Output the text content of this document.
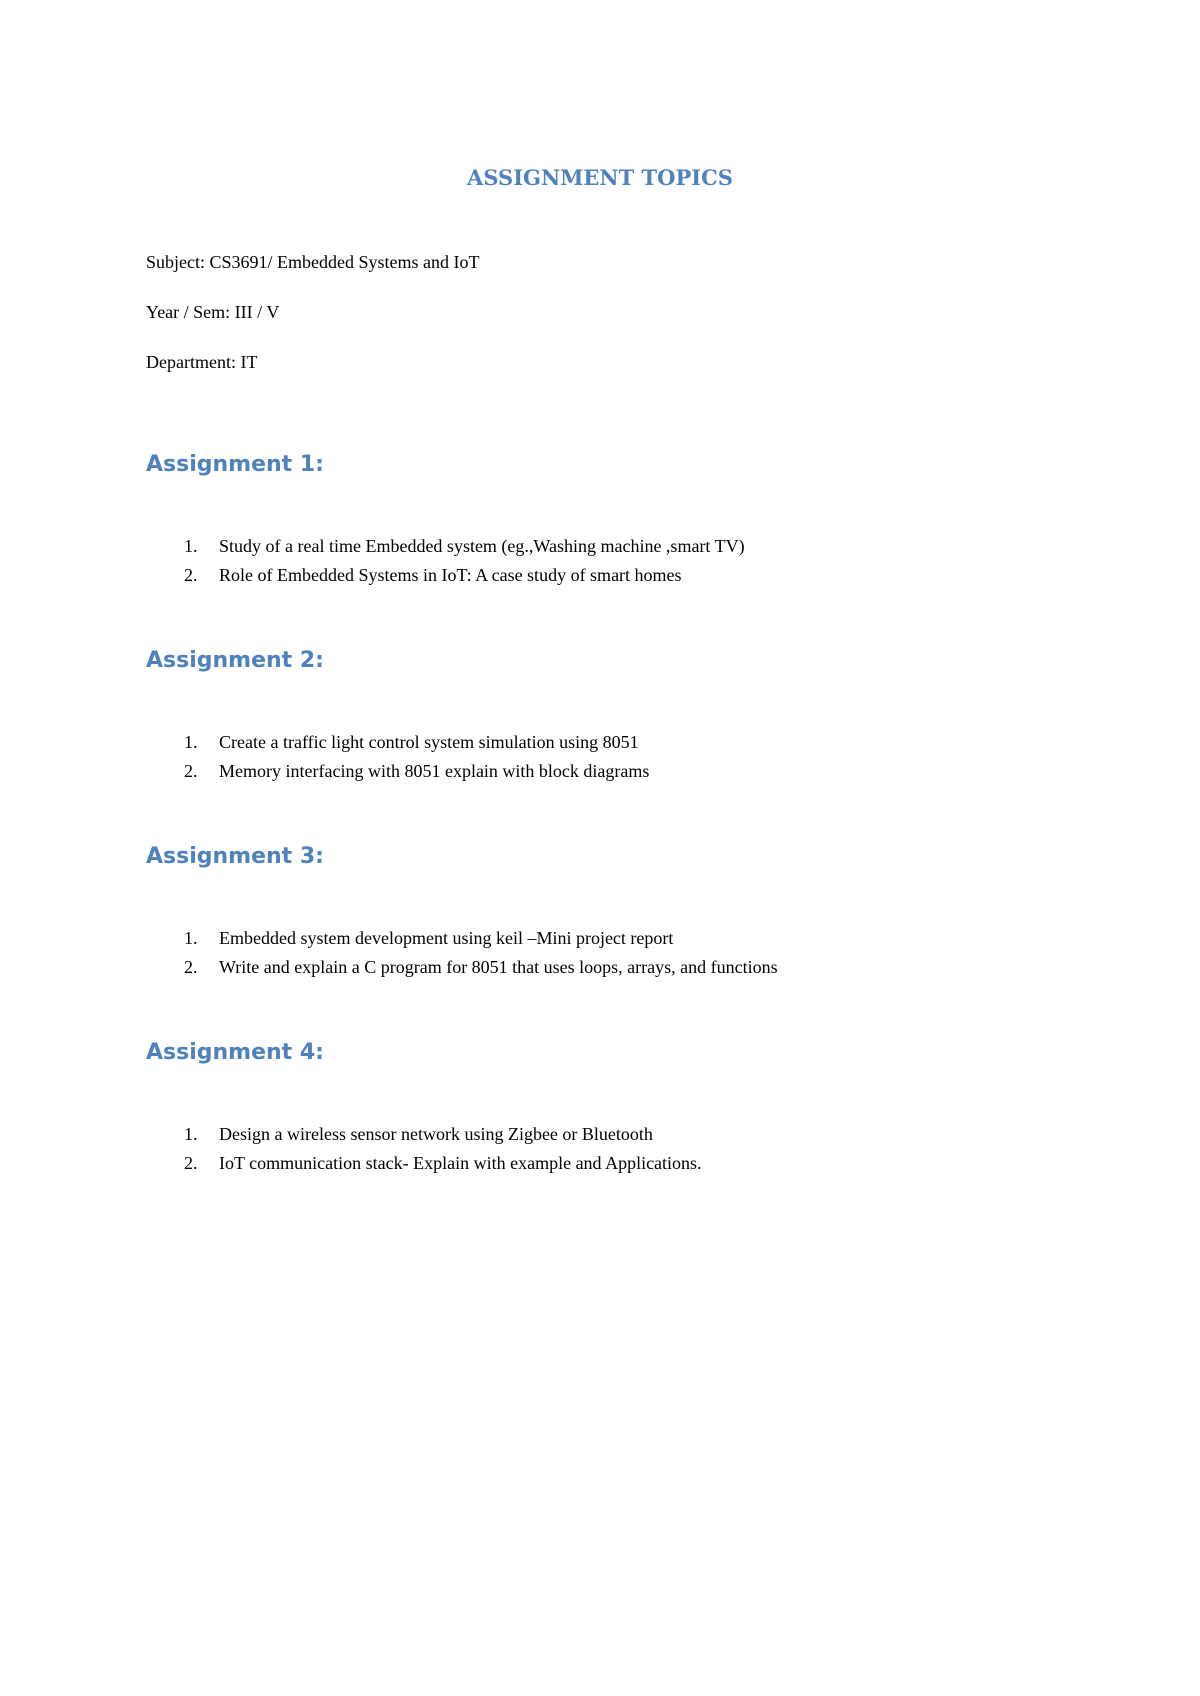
ASSIGNMENT TOPICS
Subject: CS3691/ Embedded Systems and IoT
Year / Sem: III / V
Department: IT
Assignment 1:
1. Study of a real time Embedded system (eg.,Washing machine ,smart TV)
2. Role of Embedded Systems in IoT: A case study of smart homes
Assignment 2:
1. Create a traffic light control system simulation using 8051
2. Memory interfacing with 8051 explain with block diagrams
Assignment 3:
1. Embedded system development using keil –Mini project report
2. Write and explain a C program for 8051 that uses loops, arrays, and functions
Assignment 4:
1. Design a wireless sensor network using Zigbee or Bluetooth
2. IoT communication stack- Explain with example and Applications.
